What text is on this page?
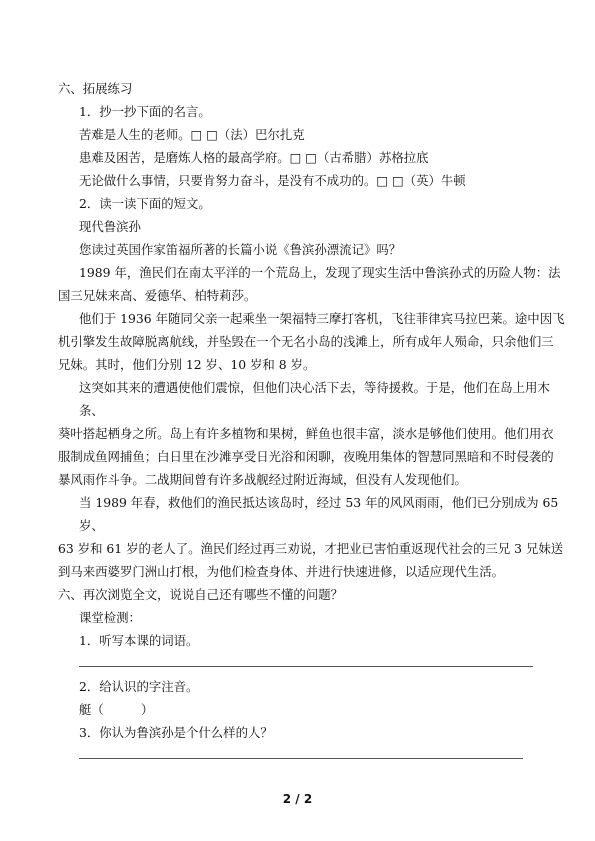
六、拓展练习
1．抄一抄下面的名言。
苦难是人生的老师。□ □（法）巴尔扎克
患难及困苦，是磨炼人格的最高学府。□ □（古希腊）苏格拉底
无论做什么事情，只要肯努力奋斗，是没有不成功的。□ □（英）牛顿
2．读一读下面的短文。
现代鲁滨孙
您读过英国作家笛福所著的长篇小说《鲁滨孙漂流记》吗？
1989 年，渔民们在南太平洋的一个荒岛上，发现了现实生活中鲁滨孙式的历险人物：法
国三兄妹来高、爱德华、柏特莉莎。
他们于 1936 年随同父亲一起乘坐一架福特三摩打客机，飞往菲律宾马拉巴莱。途中因飞
机引擎发生故障脱离航线，并坠毁在一个无名小岛的浅滩上，所有成年人殒命，只余他们三
兄妹。其时，他们分别 12 岁、10 岁和 8 岁。
这突如其来的遭遇使他们震惊，但他们决心活下去，等待援救。于是，他们在岛上用木
条、
葵叶搭起栖身之所。岛上有许多植物和果树，鲜鱼也很丰富，淡水是够他们使用。他们用衣
服制成鱼网捕鱼；白日里在沙滩享受日光浴和闲聊，夜晚用集体的智慧同黑暗和不时侵袭的
暴风雨作斗争。二战期间曾有许多战舰经过附近海域，但没有人发现他们。
当 1989 年春，救他们的渔民抵达该岛时，经过 53 年的风风雨雨，他们已分别成为 65
岁、
63 岁和 61 岁的老人了。渔民们经过再三劝说，才把业已害怕重返现代社会的三兄 3 兄妹送
到马来西婆罗门洲山打根，为他们检查身体、并进行快速进修，以适应现代生活。
六、再次浏览全文，说说自己还有哪些不懂的问题？
课堂检测：
1．听写本课的词语。
2．给认识的字注音。
艇（　　　）
3．你认为鲁滨孙是个什么样的人？
2 / 2
